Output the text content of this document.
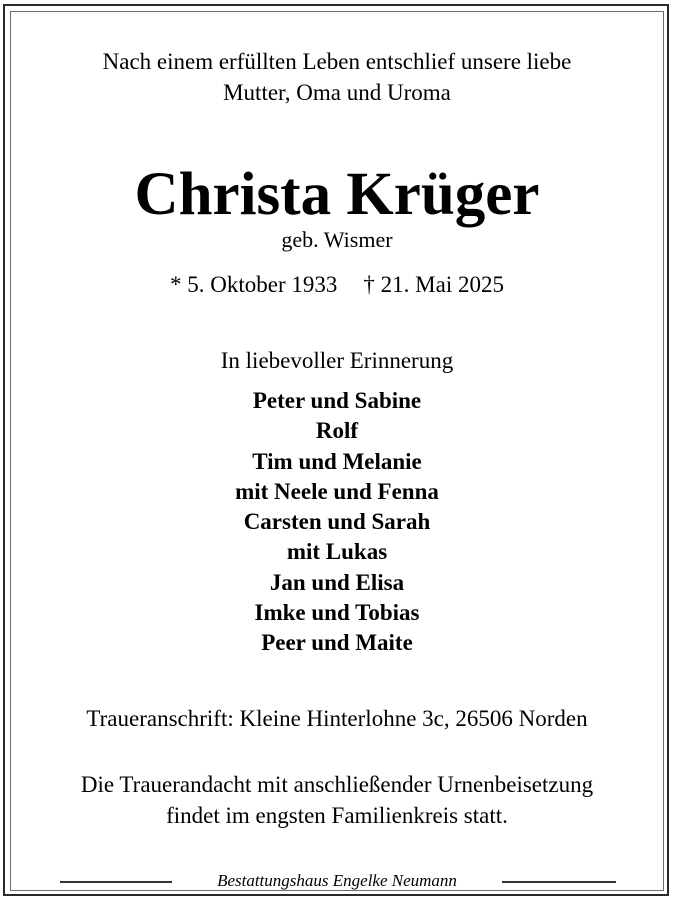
Nach einem erfüllten Leben entschlief unsere liebe
Mutter, Oma und Uroma
Christa Krüger
geb. Wismer
* 5. Oktober 1933 † 21. Mai 2025
In liebevoller Erinnerung
Peter und Sabine
Rolf
Tim und Melanie
mit Neele und Fenna
Carsten und Sarah
mit Lukas
Jan und Elisa
Imke und Tobias
Peer und Maite
Traueranschrift: Kleine Hinterlohne 3c, 26506 Norden
Die Trauerandacht mit anschließender Urnenbeisetzung
findet im engsten Familienkreis statt.
Bestattungshaus Engelke Neumann
